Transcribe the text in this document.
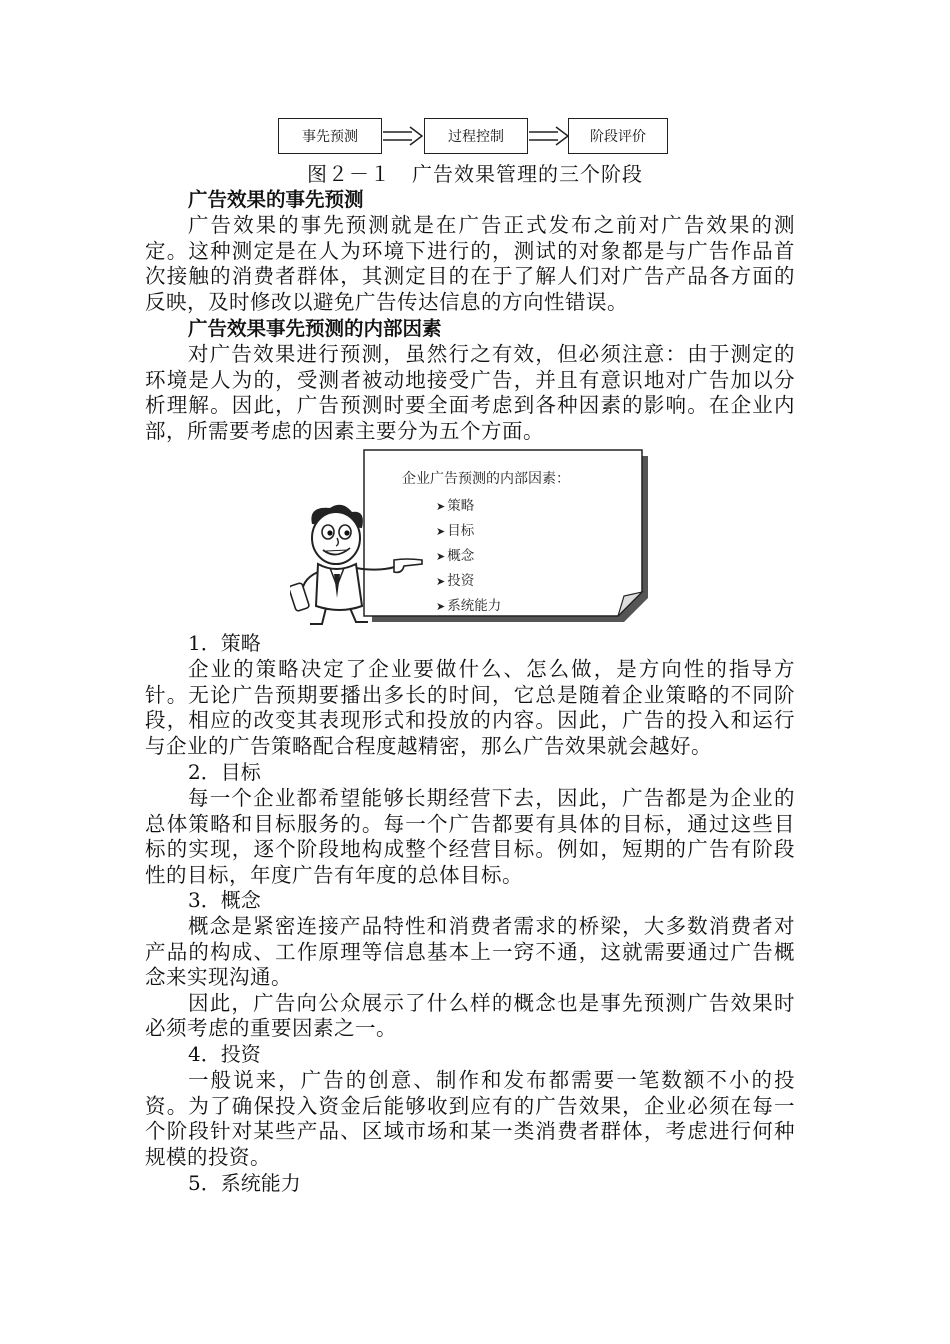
事先预测	过程控制	阶段评价
图２－１　广告效果管理的三个阶段
广告效果的事先预测

广告效果的事先预测就是在广告正式发布之前对广告效果的测定。这种测定是在人为环境下进行的，测试的对象都是与广告作品首次接触的消费者群体，其测定目的在于了解人们对广告产品各方面的反映，及时修改以避免广告传达信息的方向性错误。

广告效果事先预测的内部因素

对广告效果进行预测，虽然行之有效，但必须注意：由于测定的环境是人为的，受测者被动地接受广告，并且有意识地对广告加以分析理解。因此，广告预测时要全面考虑到各种因素的影响。在企业内部，所需要考虑的因素主要分为五个方面。

企业广告预测的内部因素：
➤ 策略
➤ 目标
➤ 概念
➤ 投资
➤ 系统能力
1．策略

企业的策略决定了企业要做什么、怎么做，是方向性的指导方针。无论广告预期要播出多长的时间，它总是随着企业策略的不同阶段，相应的改变其表现形式和投放的内容。因此，广告的投入和运行与企业的广告策略配合程度越精密，那么广告效果就会越好。

2．目标

每一个企业都希望能够长期经营下去，因此，广告都是为企业的总体策略和目标服务的。每一个广告都要有具体的目标，通过这些目标的实现，逐个阶段地构成整个经营目标。例如，短期的广告有阶段性的目标，年度广告有年度的总体目标。

3．概念

概念是紧密连接产品特性和消费者需求的桥梁，大多数消费者对产品的构成、工作原理等信息基本上一窍不通，这就需要通过广告概念来实现沟通。

因此，广告向公众展示了什么样的概念也是事先预测广告效果时必须考虑的重要因素之一。

4．投资

一般说来，广告的创意、制作和发布都需要一笔数额不小的投资。为了确保投入资金后能够收到应有的广告效果，企业必须在每一个阶段针对某些产品、区域市场和某一类消费者群体，考虑进行何种规模的投资。

5．系统能力
